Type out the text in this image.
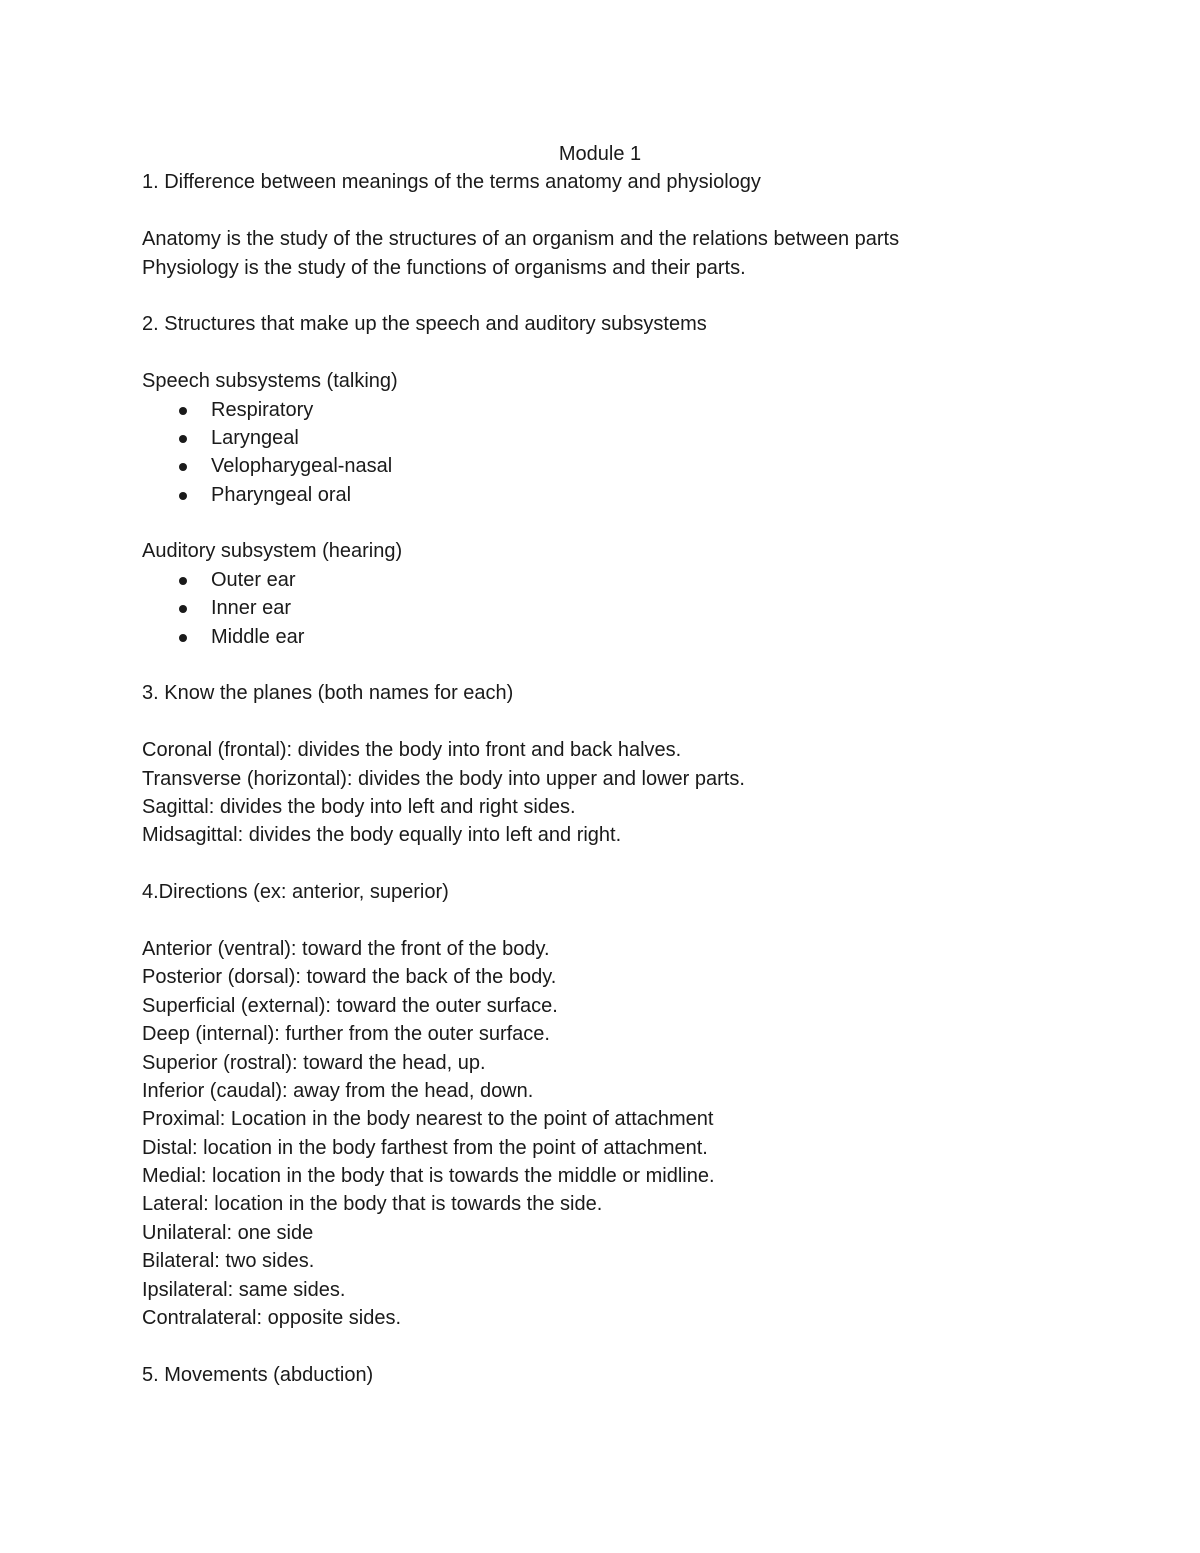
Module 1

1. Difference between meanings of the terms anatomy and physiology

Anatomy is the study of the structures of an organism and the relations between parts

Physiology is the study of the functions of organisms and their parts.

2. Structures that make up the speech and auditory subsystems

Speech subsystems (talking)

Respiratory
Laryngeal
Velopharygeal-nasal
Pharyngeal oral

Auditory subsystem (hearing)

Outer ear
Inner ear
Middle ear

3. Know the planes (both names for each)

Coronal (frontal): divides the body into front and back halves.

Transverse (horizontal): divides the body into upper and lower parts.

Sagittal: divides the body into left and right sides.

Midsagittal: divides the body equally into left and right.

4.Directions (ex: anterior, superior)

Anterior (ventral): toward the front of the body.

Posterior (dorsal): toward the back of the body.

Superficial (external): toward the outer surface.

Deep (internal): further from the outer surface.

Superior (rostral): toward the head, up.

Inferior (caudal): away from the head, down.

Proximal: Location in the body nearest to the point of attachment

Distal: location in the body farthest from the point of attachment.

Medial: location in the body that is towards the middle or midline.

Lateral: location in the body that is towards the side.

Unilateral: one side

Bilateral: two sides.

Ipsilateral: same sides.

Contralateral: opposite sides.

5. Movements (abduction)
